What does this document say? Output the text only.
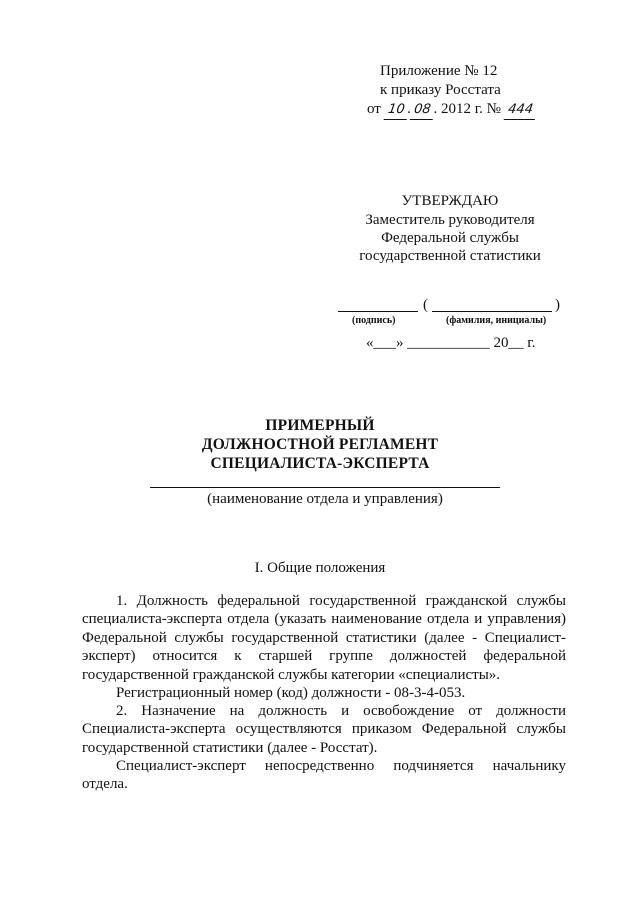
Приложение № 12
к приказу Росстата
от 10 . 08 . 2012 г. № 444
УТВЕРЖДАЮ
Заместитель руководителя
Федеральной службы
государственной статистики
(	)
(подпись)	(фамилия, инициалы)
«___» ___________ 20__ г.
ПРИМЕРНЫЙ
ДОЛЖНОСТНОЙ РЕГЛАМЕНТ
СПЕЦИАЛИСТА-ЭКСПЕРТА
(наименование отдела и управления)
I. Общие положения
1. Должность федеральной государственной гражданской службы специалиста-эксперта отдела (указать наименование отдела и управления) Федеральной службы государственной статистики (далее - Специалист-эксперт) относится к старшей группе должностей федеральной государственной гражданской службы категории «специалисты».
Регистрационный номер (код) должности - 08-3-4-053.
2. Назначение на должность и освобождение от должности Специалиста-эксперта осуществляются приказом Федеральной службы государственной статистики (далее - Росстат).
Специалист-эксперт непосредственно подчиняется начальнику отдела.
